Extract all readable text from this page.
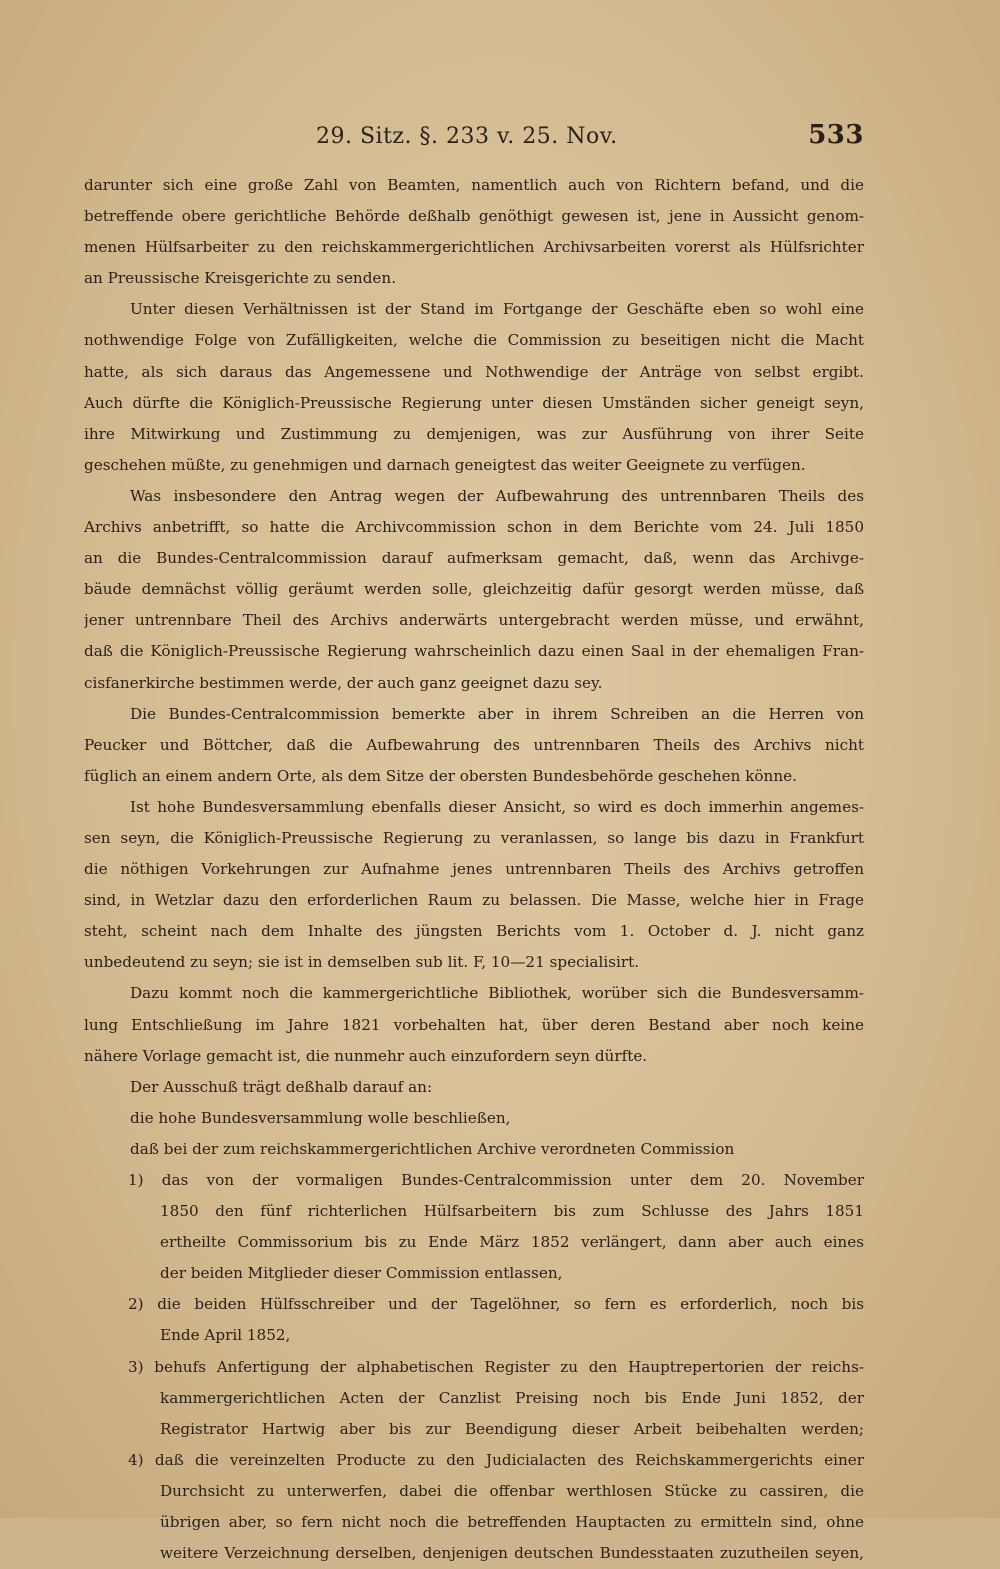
29. Sitz. §. 233 v. 25. Nov.	533
darunter sich eine große Zahl von Beamten, namentlich auch von Richtern befand, und die
betreffende obere gerichtliche Behörde deßhalb genöthigt gewesen ist, jene in Aussicht genom-
menen Hülfsarbeiter zu den reichskammergerichtlichen Archivsarbeiten vorerst als Hülfsrichter
an Preussische Kreisgerichte zu senden.
Unter diesen Verhältnissen ist der Stand im Fortgange der Geschäfte eben so wohl eine
nothwendige Folge von Zufälligkeiten, welche die Commission zu beseitigen nicht die Macht
hatte, als sich daraus das Angemessene und Nothwendige der Anträge von selbst ergibt.
Auch dürfte die Königlich-Preussische Regierung unter diesen Umständen sicher geneigt seyn,
ihre Mitwirkung und Zustimmung zu demjenigen, was zur Ausführung von ihrer Seite
geschehen müßte, zu genehmigen und darnach geneigtest das weiter Geeignete zu verfügen.
Was insbesondere den Antrag wegen der Aufbewahrung des untrennbaren Theils des
Archivs anbetrifft, so hatte die Archivcommission schon in dem Berichte vom 24. Juli 1850
an die Bundes-Centralcommission darauf aufmerksam gemacht, daß, wenn das Archivge-
bäude demnächst völlig geräumt werden solle, gleichzeitig dafür gesorgt werden müsse, daß
jener untrennbare Theil des Archivs anderwärts untergebracht werden müsse, und erwähnt,
daß die Königlich-Preussische Regierung wahrscheinlich dazu einen Saal in der ehemaligen Fran-
cisfanerkirche bestimmen werde, der auch ganz geeignet dazu sey.
Die Bundes-Centralcommission bemerkte aber in ihrem Schreiben an die Herren von
Peucker und Böttcher, daß die Aufbewahrung des untrennbaren Theils des Archivs nicht
füglich an einem andern Orte, als dem Sitze der obersten Bundesbehörde geschehen könne.
Ist hohe Bundesversammlung ebenfalls dieser Ansicht, so wird es doch immerhin angemes-
sen seyn, die Königlich-Preussische Regierung zu veranlassen, so lange bis dazu in Frankfurt
die nöthigen Vorkehrungen zur Aufnahme jenes untrennbaren Theils des Archivs getroffen
sind, in Wetzlar dazu den erforderlichen Raum zu belassen. Die Masse, welche hier in Frage
steht, scheint nach dem Inhalte des jüngsten Berichts vom 1. October d. J. nicht ganz
unbedeutend zu seyn; sie ist in demselben sub lit. F, 10—21 specialisirt.
Dazu kommt noch die kammergerichtliche Bibliothek, worüber sich die Bundesversamm-
lung Entschließung im Jahre 1821 vorbehalten hat, über deren Bestand aber noch keine
nähere Vorlage gemacht ist, die nunmehr auch einzufordern seyn dürfte.
Der Ausschuß trägt deßhalb darauf an:
die hohe Bundesversammlung wolle beschließen,
daß bei der zum reichskammergerichtlichen Archive verordneten Commission
1) das von der vormaligen Bundes-Centralcommission unter dem 20. November
1850 den fünf richterlichen Hülfsarbeitern bis zum Schlusse des Jahrs 1851
ertheilte Commissorium bis zu Ende März 1852 verlängert, dann aber auch eines
der beiden Mitglieder dieser Commission entlassen,
2) die beiden Hülfsschreiber und der Tagelöhner, so fern es erforderlich, noch bis
Ende April 1852,
3) behufs Anfertigung der alphabetischen Register zu den Hauptrepertorien der reichs-
kammergerichtlichen Acten der Canzlist Preising noch bis Ende Juni 1852, der
Registrator Hartwig aber bis zur Beendigung dieser Arbeit beibehalten werden;
4) daß die vereinzelten Producte zu den Judicialacten des Reichskammergerichts einer
Durchsicht zu unterwerfen, dabei die offenbar werthlosen Stücke zu cassiren, die
übrigen aber, so fern nicht noch die betreffenden Hauptacten zu ermitteln sind, ohne
weitere Verzeichnung derselben, denjenigen deutschen Bundesstaaten zuzutheilen seyen,
